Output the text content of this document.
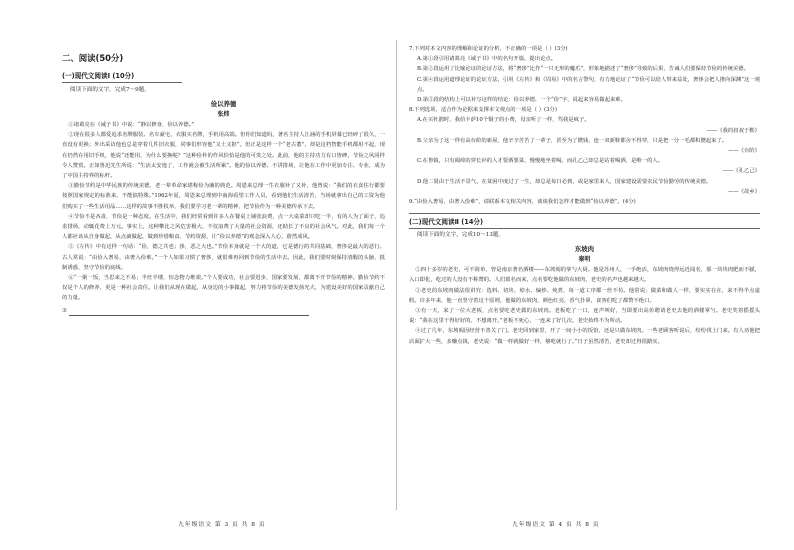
二、阅读(50分)
(一)现代文阅读Ⅰ (10分)
阅读下面的文字，完成7～9题。
俭以养德
张炜

①诸葛亮在《诫子书》中说：“静以修身，俭以养德。”

②现在很多人都爱追求名牌服装、名车豪宅，衣服买名牌，手机用高端。但你们知道吗，著名主持人江涵的手机屏幕已经碎了很久，一直没有更换；外出采访他也总是穿着几件旧衣服，同事们形容他“又土又抠”。但正是这样一个“老古董”，却是这档智能手机都用不起，现在仍然在用旧手机，他说“还能用，为什么要换呢？”这种俭朴的作风恰恰是他的可贵之处。此前，他的主持功力有口皆碑，节俭之风同样令人赞赏。正如鲁迅先生所说：“生活太安逸了，工作就会被生活所累”。他的俭以养德、不讲排场，让他在工作中更加专注、专业，成为了中国主持界的标杆。

③勤俭节约是中华民族的传统美德，老一辈革命家堪称俭为廉的典范。周恩来总理一生衣服补了又补，他曾说：“我们的衣食住行都要按照国家规定的标准来，不能搞特殊。”1962年夏，周恩来总理到中南海看望工作人员，看到他们生活清苦，当场就拿出自己的工资为他们购买了一些生活用品……这样的故事不胜枚举，我们要学习老一辈的精神，把节俭作为一种美德传承下去。

④节俭不是吝啬，节俭是一种态度。在生活中，我们经常看到许多人在餐桌上铺张浪费，点一大桌菜却只吃一半，有的人为了面子，追求排场，动辄花费上万元。事实上，这种攀比之风危害极大，不仅浪费了大量的社会资源，还助长了不良的社会风气。对此，我们每一个人都应该从自身做起，从点滴做起，做到珍惜粮食、节约资源，让“俭以养德”的观念深入人心，蔚然成风。

⑤《左传》中有这样一句话：“俭，德之共也；侈，恶之大也。”节俭本身就是一个大的道，它是德行的共同基础，奢侈是最大的恶行。古人常说：“由俭入奢易，由奢入俭难。”一个人如果习惯了奢侈，就很难再回到节俭的生活中去。因此，我们要时刻保持清醒的头脑，抵制诱惑，坚守节俭的底线。

⑥“一粥一饭，当思来之不易；半丝半缕，恒念物力维艰。”个人要成功，社会要进步，国家要发展，都离不开节俭的精神。勤俭节约不仅是个人的修养，更是一种社会责任。让我们从现在做起，从身边的小事做起，努力将节俭的美德发扬光大，为建设美好的国家贡献自己的力量。

⑦
7.下列对本文内容的理解和论证的分析，不正确的一项是（ ）(3分)
A.第①段引用诸葛亮《诫子书》中的名句开篇，提出论点。
B.第②段运用了比喻论证的论证方法，将“奢侈”比作“一只无形的魔爪”，形象地描述了“奢侈”导致的后果，告诫人们要保持节俭的传统美德。
C.第④段运用道理论证的论证方法，引用《左传》和《周易》中的名言警句，有力地论证了“节俭可以给人带来益处，奢侈会把人推向深渊”这一观点。
D.第⑤段的结构上可以补写这样的结论：俭以养德，一个“俭”字，说起来容易做起来难。
8.下列选项，适合作为论据来支撑本文观点的一项是（ ）(3分)
A.在买杜鹃时，我给卡萨10个铜子的小费，母亲听了一样，骂我是疯子。
——《我的叔叔于勒》
B.父亲为了这一样有高台阶的新屋，他辛辛苦苦了一辈子，甚至为了攒钱，连一双新鞋都舍不得穿，只是把一分一毛都积攒起来了。
——《台阶》
C.在鲁镇，只有阔绰的穿长衫的人才要酒要菜，慢慢地坐着喝，而孔乙己却总是站着喝酒，是唯一的人。
——《孔乙己》
D.他二舅由于生活不景气，在贫困中度过了一生，却总是每日必到，或是家里来人，国家建设需要农民节俭勤劳的传统美德。
——《故乡》
9.“由俭入奢易，由奢入俭难”，请联系本文相关内容，谈谈我们怎样才能做到“俭以养德”。(4分)
(二)现代文阅读Ⅱ (14分)
阅读下面的文字，完成10～13题。
东坡肉
秦明

①四十多岁的老史，可不简单，曾是南京著名酒楼——东坡阁的掌勺大厨。他是苏州人，一手绝活，东坡肉烧得远近闻名，那一块块肉肥而不腻，入口即化，吃过的人没有不称赞的。人们慕名而来，点名要吃他做的东坡肉，老史的名声也越来越大。

②老史的东坡肉做法很讲究：选料、切块、焯水、煸炒、炖煮，每一道工序都一丝不苟。他常说：做菜和做人一样，要实实在在，来不得半点虚假。许多年来，他一直坚守着这个原则，他做的东坡肉，颜色红亮，香气扑鼻，食客们吃了都赞不绝口。

③有一天，来了一位大老板，点名要吃老史做的东坡肉。老板吃了一口，连声叫好，当即要出高价聘请老史去他的酒楼掌勺。老史笑着摇摇头说：“我在这里干得好好的，不想离开。”老板不死心，一连来了好几次，老史始终不为所动。

④过了几年，东坡阁因经营不善关了门。老史回到家里，开了一间小小的饭馆，还是只做东坡肉。一些老顾客听说后，纷纷找上门来。有人劝他把店面扩大一些，多赚点钱，老史说：“做一样就做好一样，够吃就行了。”日子虽然清苦，老史却过得很踏实。

九年级语文 第 3 页 共 8 页	九年级语文 第 4 页 共 8 页
